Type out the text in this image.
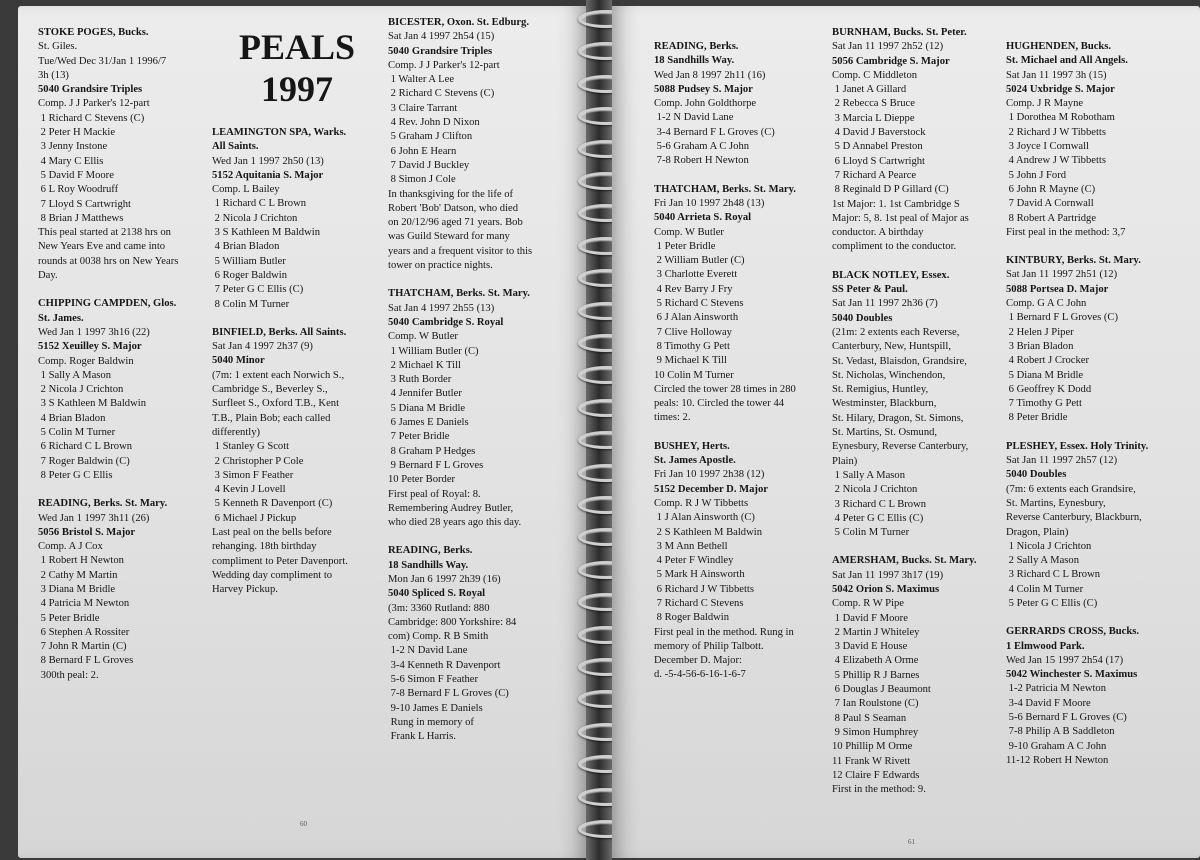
STOKE POGES, Bucks.
St. Giles.
Tue/Wed Dec 31/Jan 1 1996/7
3h (13)
5040 Grandsire Triples
Comp. J J Parker's 12-part
1 Richard C Stevens (C)
2 Peter H Mackie
3 Jenny Instone
4 Mary C Ellis
5 David F Moore
6 L Roy Woodruff
7 Lloyd S Cartwright
8 Brian J Matthews
This peal started at 2138 hrs on
New Years Eve and came into
rounds at 0038 hrs on New Years
Day.
CHIPPING CAMPDEN, Glos.
St. James.
Wed Jan 1 1997 3h16 (22)
5152 Xeuilley S. Major
Comp. Roger Baldwin
1 Sally A Mason
2 Nicola J Crichton
3 S Kathleen M Baldwin
4 Brian Bladon
5 Colin M Turner
6 Richard C L Brown
7 Roger Baldwin (C)
8 Peter G C Ellis
READING, Berks. St. Mary.
Wed Jan 1 1997 3h11 (26)
5056 Bristol S. Major
Comp. A J Cox
1 Robert H Newton
2 Cathy M Martin
3 Diana M Bridle
4 Patricia M Newton
5 Peter Bridle
6 Stephen A Rossiter
7 John R Martin (C)
8 Bernard F L Groves
300th peal: 2.
PEALS
1997
LEAMINGTON SPA, Warks.
All Saints.
Wed Jan 1 1997 2h50 (13)
5152 Aquitania S. Major
Comp. L Bailey
1 Richard C L Brown
2 Nicola J Crichton
3 S Kathleen M Baldwin
4 Brian Bladon
5 William Butler
6 Roger Baldwin
7 Peter G C Ellis (C)
8 Colin M Turner
BINFIELD, Berks. All Saints.
Sat Jan 4 1997 2h37 (9)
5040 Minor
(7m: 1 extent each Norwich S.,
Cambridge S., Beverley S.,
Surfleet S., Oxford T.B., Kent
T.B., Plain Bob; each called
differently)
1 Stanley G Scott
2 Christopher P Cole
3 Simon F Feather
4 Kevin J Lovell
5 Kenneth R Davenport (C)
6 Michael J Pickup
Last peal on the bells before
rehanging. 18th birthday
compliment to Peter Davenport.
Wedding day compliment to
Harvey Pickup.
BICESTER, Oxon. St. Edburg.
Sat Jan 4 1997 2h54 (15)
5040 Grandsire Triples
Comp. J J Parker's 12-part
1 Walter A Lee
2 Richard C Stevens (C)
3 Claire Tarrant
4 Rev. John D Nixon
5 Graham J Clifton
6 John E Hearn
7 David J Buckley
8 Simon J Cole
In thanksgiving for the life of
Robert 'Bob' Datson, who died
on 20/12/96 aged 71 years. Bob
was Guild Steward for many
years and a frequent visitor to this
tower on practice nights.
THATCHAM, Berks. St. Mary.
Sat Jan 4 1997 2h55 (13)
5040 Cambridge S. Royal
Comp. W Butler
1 William Butler (C)
2 Michael K Till
3 Ruth Border
4 Jennifer Butler
5 Diana M Bridle
6 James E Daniels
7 Peter Bridle
8 Graham P Hedges
9 Bernard F L Groves
10 Peter Border
First peal of Royal: 8.
Remembering Audrey Butler,
who died 28 years ago this day.
READING, Berks.
18 Sandhills Way.
Mon Jan 6 1997 2h39 (16)
5040 Spliced S. Royal
(3m: 3360 Rutland: 880
Cambridge: 800 Yorkshire: 84
com) Comp. R B Smith
1-2 N David Lane
3-4 Kenneth R Davenport
5-6 Simon F Feather
7-8 Bernard F L Groves (C)
9-10 James E Daniels
Rung in memory of
Frank L Harris.
60
READING, Berks.
18 Sandhills Way.
Wed Jan 8 1997 2h11 (16)
5088 Pudsey S. Major
Comp. John Goldthorpe
1-2 N David Lane
3-4 Bernard F L Groves (C)
5-6 Graham A C John
7-8 Robert H Newton
THATCHAM, Berks. St. Mary.
Fri Jan 10 1997 2h48 (13)
5040 Arrieta S. Royal
Comp. W Butler
1 Peter Bridle
2 William Butler (C)
3 Charlotte Everett
4 Rev Barry J Fry
5 Richard C Stevens
6 J Alan Ainsworth
7 Clive Holloway
8 Timothy G Pett
9 Michael K Till
10 Colin M Turner
Circled the tower 28 times in 280
peals: 10. Circled the tower 44
times: 2.
BUSHEY, Herts.
St. James Apostle.
Fri Jan 10 1997 2h38 (12)
5152 December D. Major
Comp. R J W Tibbetts
1 J Alan Ainsworth (C)
2 S Kathleen M Baldwin
3 M Ann Bethell
4 Peter F Windley
5 Mark H Ainsworth
6 Richard J W Tibbetts
7 Richard C Stevens
8 Roger Baldwin
First peal in the method. Rung in
memory of Philip Talbott.
December D. Major:
d. -5-4-56-6-16-1-6-7
BURNHAM, Bucks. St. Peter.
Sat Jan 11 1997 2h52 (12)
5056 Cambridge S. Major
Comp. C Middleton
1 Janet A Gillard
2 Rebecca S Bruce
3 Marcia L Dieppe
4 David J Baverstock
5 D Annabel Preston
6 Lloyd S Cartwright
7 Richard A Pearce
8 Reginald D P Gillard (C)
1st Major: 1. 1st Cambridge S
Major: 5, 8. 1st peal of Major as
conductor. A birthday
compliment to the conductor.
BLACK NOTLEY, Essex.
SS Peter & Paul.
Sat Jan 11 1997 2h36 (7)
5040 Doubles
(21m: 2 extents each Reverse,
Canterbury, New, Huntspill,
St. Vedast, Blaisdon, Grandsire,
St. Nicholas, Winchendon,
St. Remigius, Huntley,
Westminster, Blackburn,
St. Hilary, Dragon, St. Simons,
St. Martins, St. Osmund,
Eynesbury, Reverse Canterbury,
Plain)
1 Sally A Mason
2 Nicola J Crichton
3 Richard C L Brown
4 Peter G C Ellis (C)
5 Colin M Turner
AMERSHAM, Bucks. St. Mary.
Sat Jan 11 1997 3h17 (19)
5042 Orion S. Maximus
Comp. R W Pipe
1 David F Moore
2 Martin J Whiteley
3 David E House
4 Elizabeth A Orme
5 Phillip R J Barnes
6 Douglas J Beaumont
7 Ian Roulstone (C)
8 Paul S Seaman
9 Simon Humphrey
10 Phillip M Orme
11 Frank W Rivett
12 Claire F Edwards
First in the method: 9.
HUGHENDEN, Bucks.
St. Michael and All Angels.
Sat Jan 11 1997 3h (15)
5024 Uxbridge S. Major
Comp. J R Mayne
1 Dorothea M Robotham
2 Richard J W Tibbetts
3 Joyce I Cornwall
4 Andrew J W Tibbetts
5 John J Ford
6 John R Mayne (C)
7 David A Cornwall
8 Robert A Partridge
First peal in the method: 3,7
KINTBURY, Berks. St. Mary.
Sat Jan 11 1997 2h51 (12)
5088 Portsea D. Major
Comp. G A C John
1 Bernard F L Groves (C)
2 Helen J Piper
3 Brian Bladon
4 Robert J Crocker
5 Diana M Bridle
6 Geoffrey K Dodd
7 Timothy G Pett
8 Peter Bridle
PLESHEY, Essex. Holy Trinity.
Sat Jan 11 1997 2h57 (12)
5040 Doubles
(7m: 6 extents each Grandsire,
St. Martins, Eynesbury,
Reverse Canterbury, Blackburn,
Dragon, Plain)
1 Nicola J Crichton
2 Sally A Mason
3 Richard C L Brown
4 Colin M Turner
5 Peter G C Ellis (C)
GERRARDS CROSS, Bucks.
1 Elmwood Park.
Wed Jan 15 1997 2h54 (17)
5042 Winchester S. Maximus
1-2 Patricia M Newton
3-4 David F Moore
5-6 Bernard F L Groves (C)
7-8 Philip A B Saddleton
9-10 Graham A C John
11-12 Robert H Newton
61
